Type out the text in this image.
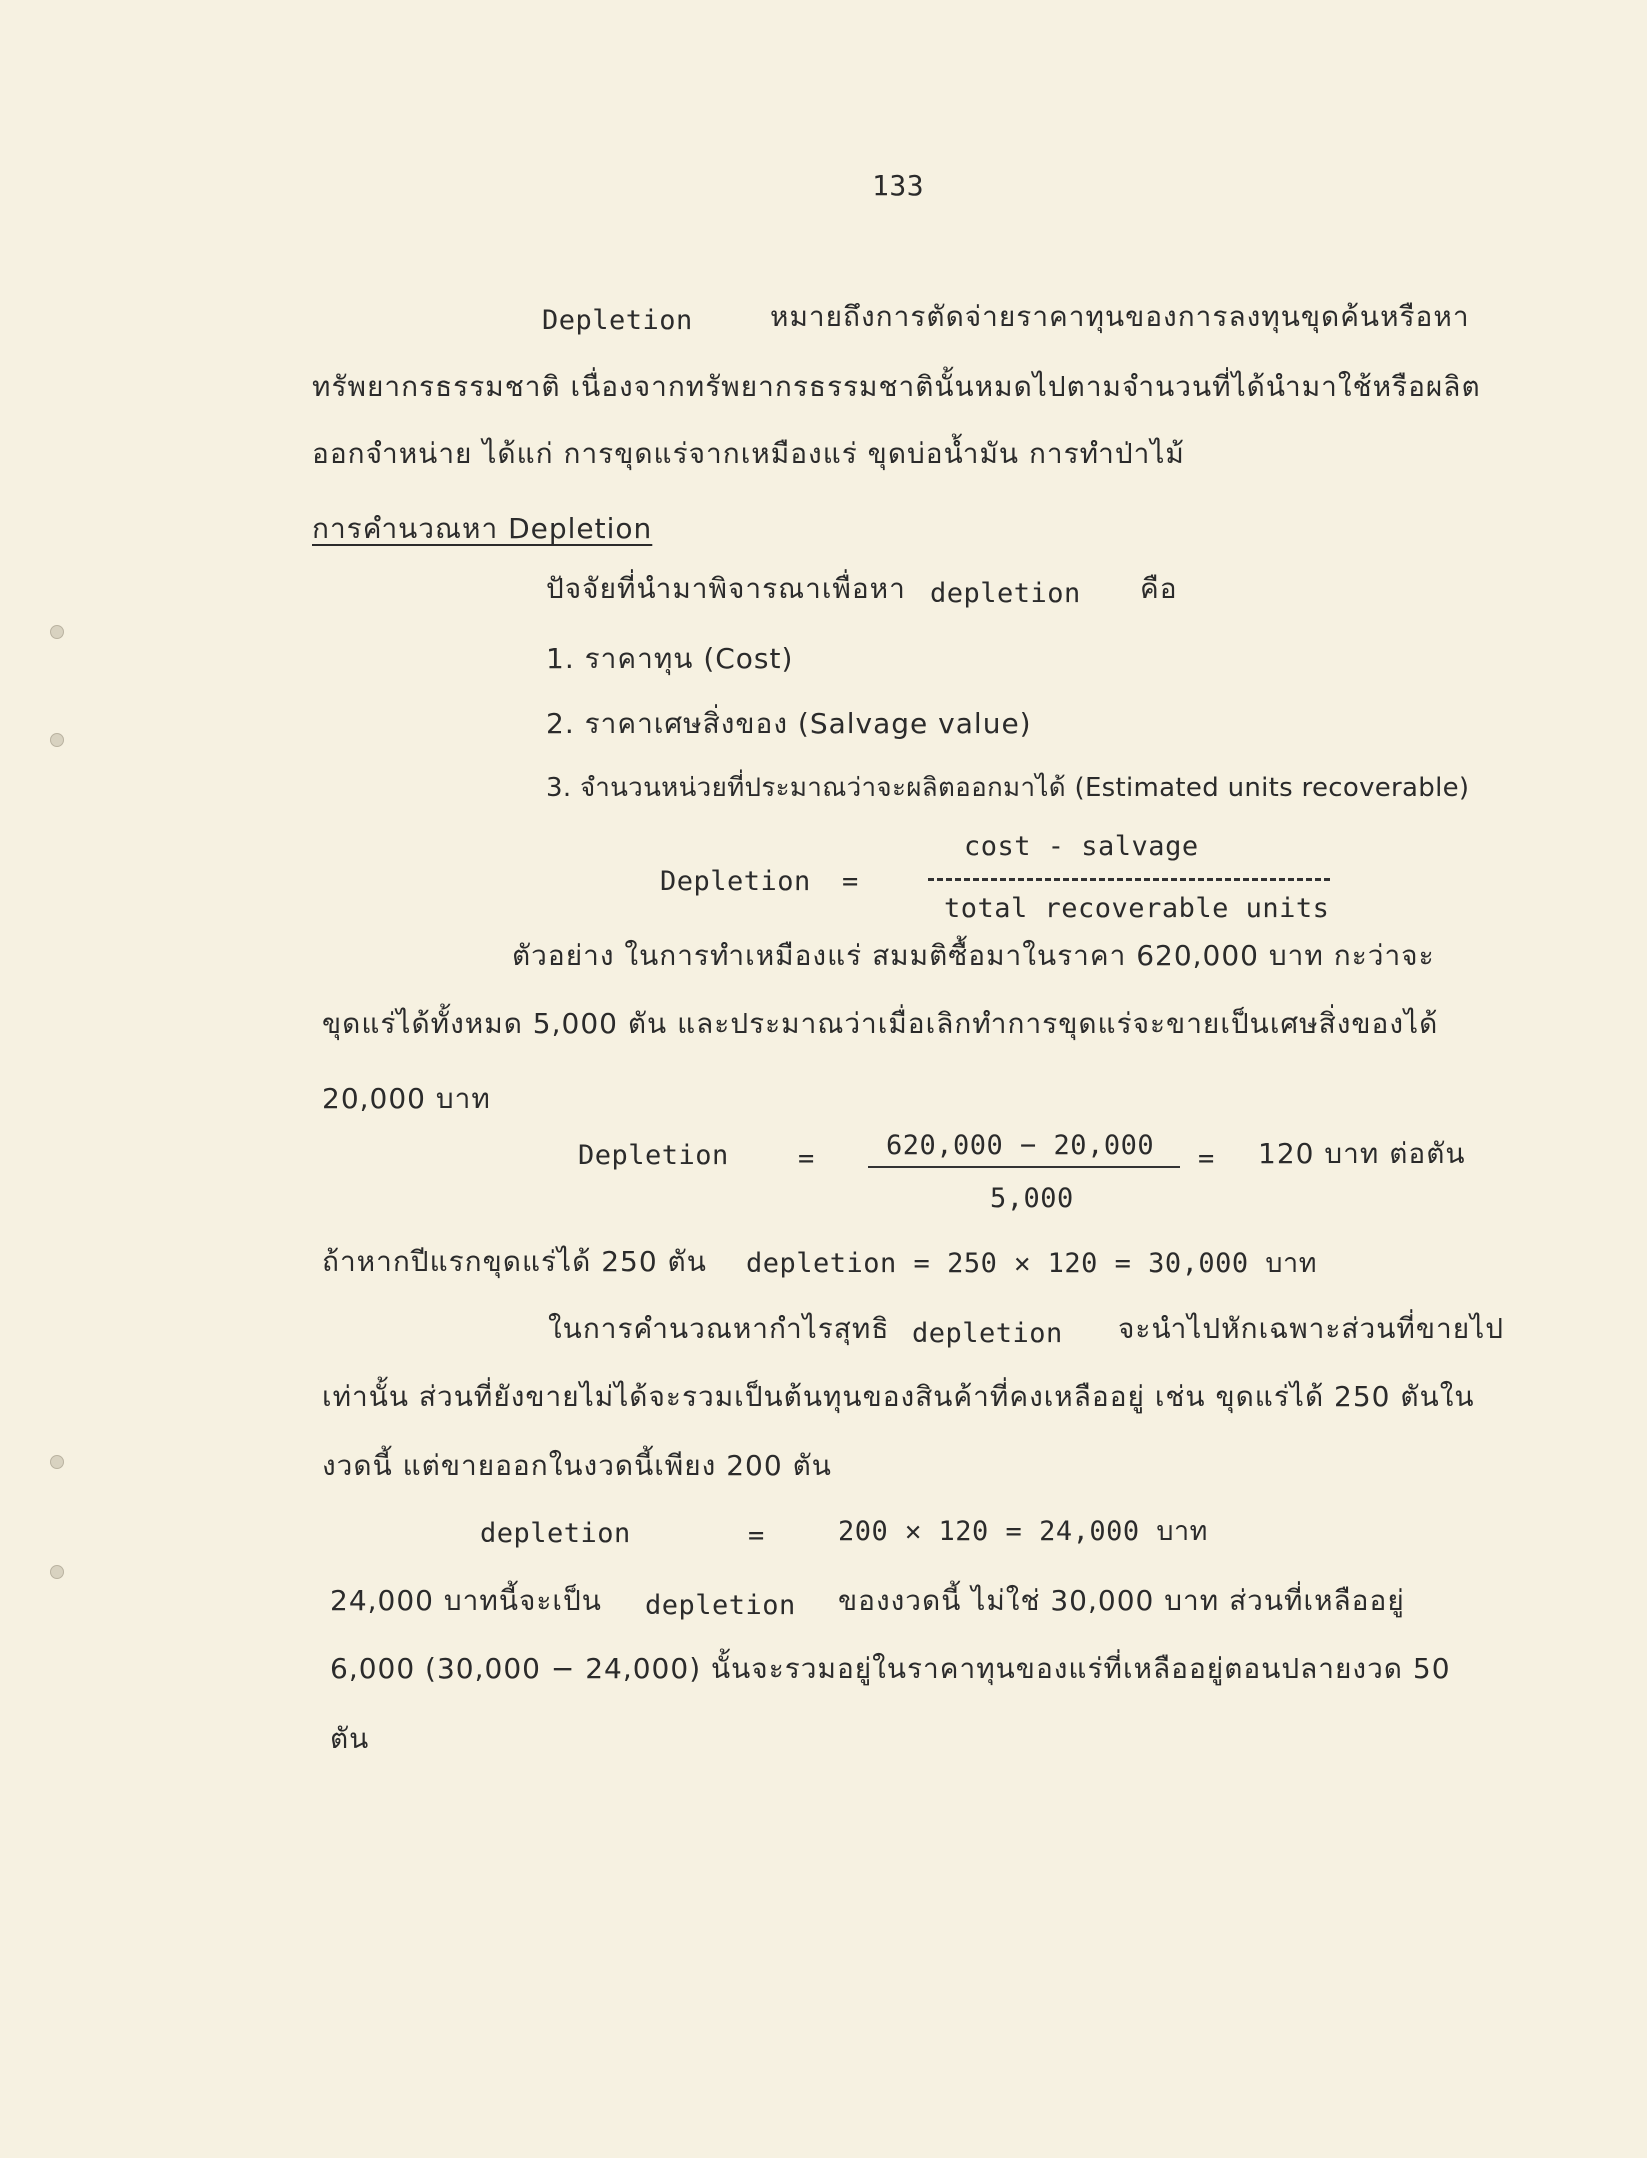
133
Depletion	หมายถึงการตัดจ่ายราคาทุนของการลงทุนขุดค้นหรือหา
ทรัพยากรธรรมชาติ เนื่องจากทรัพยากรธรรมชาตินั้นหมดไปตามจำนวนที่ได้นำมาใช้หรือผลิต
ออกจำหน่าย ได้แก่ การขุดแร่จากเหมืองแร่ ขุดบ่อน้ำมัน การทำป่าไม้
การคำนวณหา Depletion
ปัจจัยที่นำมาพิจารณาเพื่อหา depletion คือ
1. ราคาทุน (Cost)
2. ราคาเศษสิ่งของ (Salvage value)
3. จำนวนหน่วยที่ประมาณว่าจะผลิตออกมาได้ (Estimated units recoverable)
Depletion =
cost - salvage
total recoverable units
ตัวอย่าง ในการทำเหมืองแร่ สมมติซื้อมาในราคา 620,000 บาท กะว่าจะ
ขุดแร่ได้ทั้งหมด 5,000 ตัน และประมาณว่าเมื่อเลิกทำการขุดแร่จะขายเป็นเศษสิ่งของได้
20,000 บาท
Depletion	=	620,000 − 20,000
5,000
= 120 บาท ต่อตัน
ถ้าหากปีแรกขุดแร่ได้ 250 ตัน depletion = 250 ✕ 120 = 30,000 บาท
ในการคำนวณหากำไรสุทธิ depletion จะนำไปหักเฉพาะส่วนที่ขายไป
เท่านั้น ส่วนที่ยังขายไม่ได้จะรวมเป็นต้นทุนของสินค้าที่คงเหลืออยู่ เช่น ขุดแร่ได้ 250 ตันใน
งวดนี้ แต่ขายออกในงวดนี้เพียง 200 ตัน
depletion	=	200 ✕ 120 = 24,000 บาท
24,000 บาทนี้จะเป็น depletion ของงวดนี้ ไม่ใช่ 30,000 บาท ส่วนที่เหลืออยู่
6,000 (30,000 − 24,000) นั้นจะรวมอยู่ในราคาทุนของแร่ที่เหลืออยู่ตอนปลายงวด 50
ตัน
